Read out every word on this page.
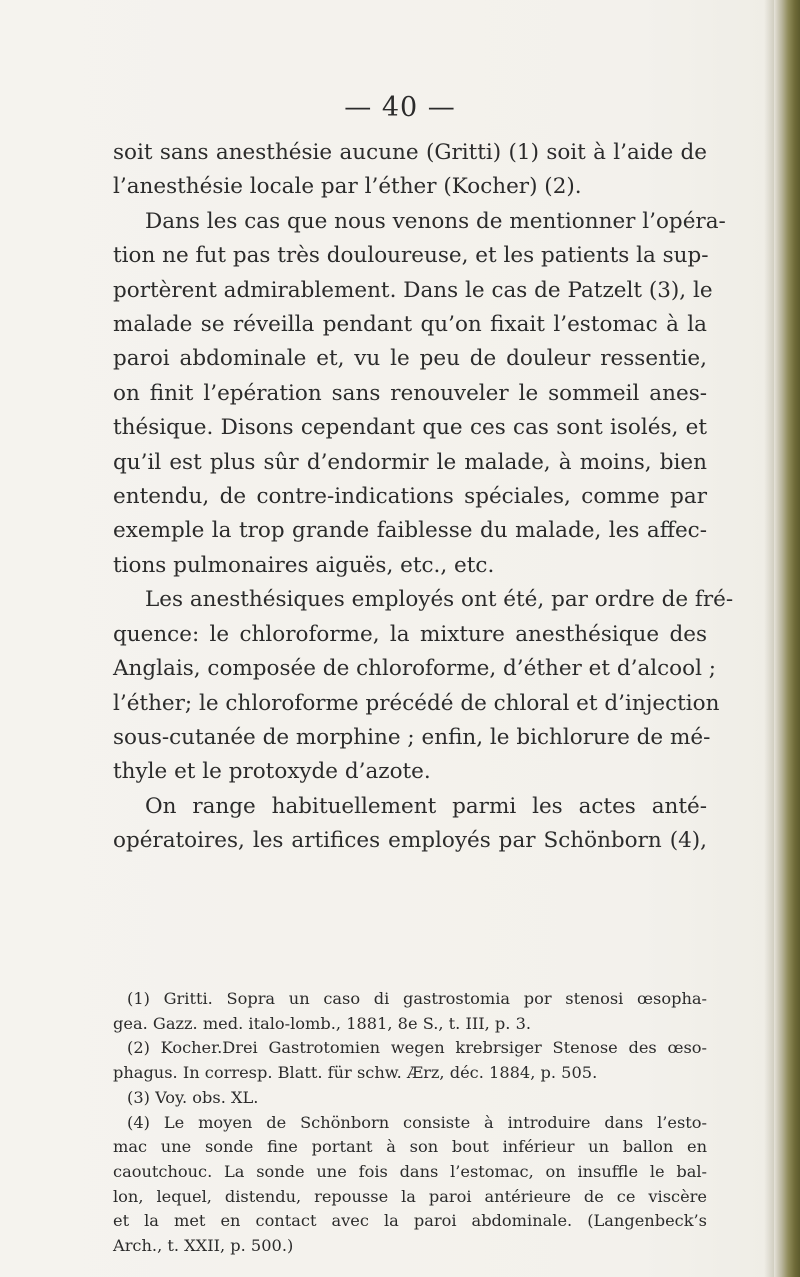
— 40 —
soit sans anesthésie aucune (Gritti) (1) soit à l’aide de
l’anesthésie locale par l’éther (Kocher) (2).
Dans les cas que nous venons de mentionner l’opéra-
tion ne fut pas très douloureuse, et les patients la sup-
portèrent admirablement. Dans le cas de Patzelt (3), le
malade se réveilla pendant qu’on fixait l’estomac à la
paroi abdominale et, vu le peu de douleur ressentie,
on finit l’epération sans renouveler le sommeil anes-
thésique. Disons cependant que ces cas sont isolés, et
qu’il est plus sûr d’endormir le malade, à moins, bien
entendu, de contre-indications spéciales, comme par
exemple la trop grande faiblesse du malade, les affec-
tions pulmonaires aiguës, etc., etc.
Les anesthésiques employés ont été, par ordre de fré-
quence: le chloroforme, la mixture anesthésique des
Anglais, composée de chloroforme, d’éther et d’alcool ;
l’éther; le chloroforme précédé de chloral et d’injection
sous-cutanée de morphine ; enfin, le bichlorure de mé-
thyle et le protoxyde d’azote.
On range habituellement parmi les actes anté-
opératoires, les artifices employés par Schönborn (4),
(1) Gritti. Sopra un caso di gastrostomia por stenosi œsopha-
gea. Gazz. med. italo-lomb., 1881, 8e S., t. III, p. 3.
(2) Kocher.Drei Gastrotomien wegen krebrsiger Stenose des œso-
phagus. In corresp. Blatt. für schw. Ærz, déc. 1884, p. 505.
(3) Voy. obs. XL.
(4) Le moyen de Schönborn consiste à introduire dans l’esto-
mac une sonde fine portant à son bout inférieur un ballon en
caoutchouc. La sonde une fois dans l’estomac, on insuffle le bal-
lon, lequel, distendu, repousse la paroi antérieure de ce viscère
et la met en contact avec la paroi abdominale. (Langenbeck’s
Arch., t. XXII, p. 500.)
